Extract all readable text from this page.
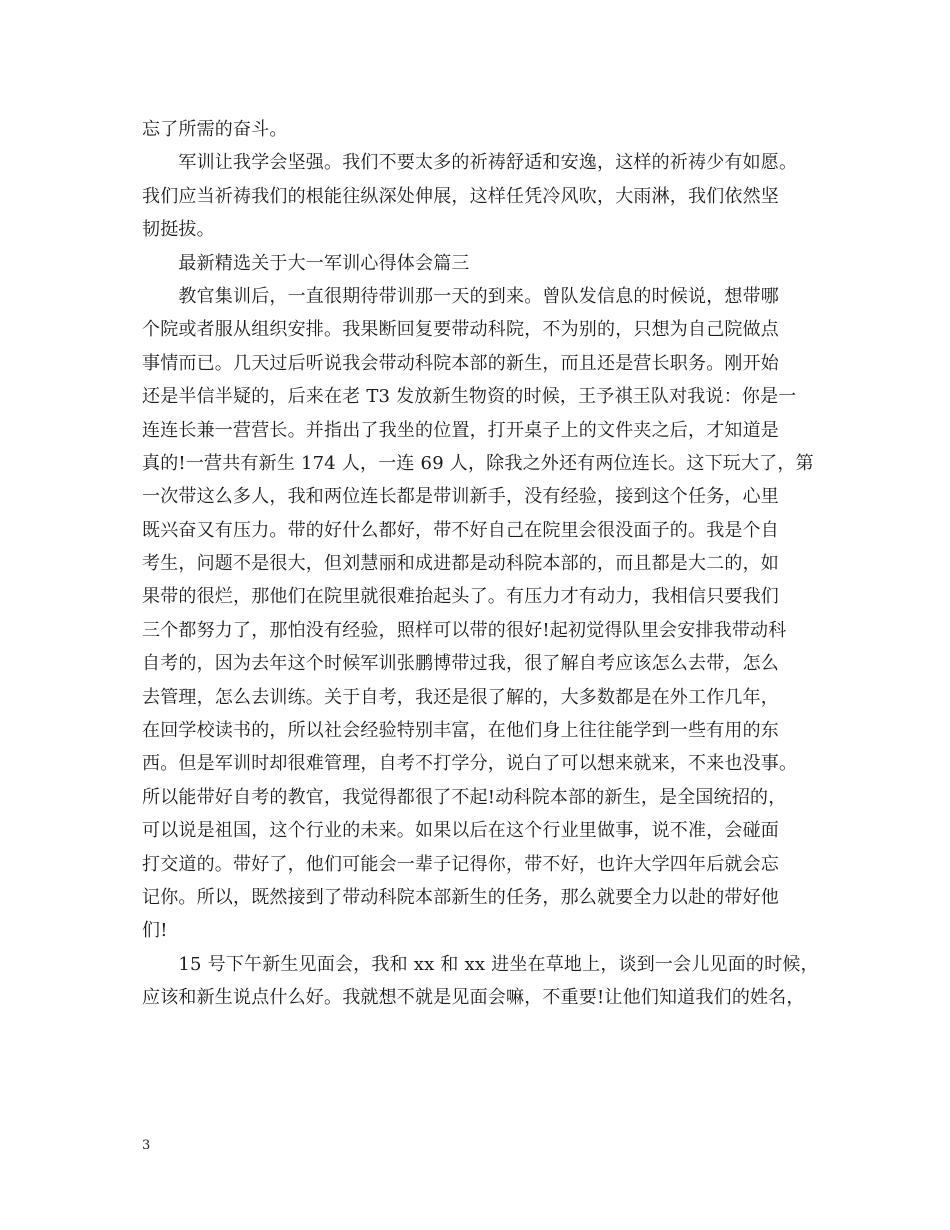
忘了所需的奋斗。
　　军训让我学会坚强。我们不要太多的祈祷舒适和安逸，这样的祈祷少有如愿。
我们应当祈祷我们的根能往纵深处伸展，这样任凭冷风吹，大雨淋，我们依然坚
韧挺拔。
　　最新精选关于大一军训心得体会篇三
　　教官集训后，一直很期待带训那一天的到来。曾队发信息的时候说，想带哪
个院或者服从组织安排。我果断回复要带动科院，不为别的，只想为自己院做点
事情而已。几天过后听说我会带动科院本部的新生，而且还是营长职务。刚开始
还是半信半疑的，后来在老 T3 发放新生物资的时候，王予祺王队对我说：你是一
连连长兼一营营长。并指出了我坐的位置，打开桌子上的文件夹之后，才知道是
真的!一营共有新生 174 人，一连 69 人，除我之外还有两位连长。这下玩大了，第
一次带这么多人，我和两位连长都是带训新手，没有经验，接到这个任务，心里
既兴奋又有压力。带的好什么都好，带不好自己在院里会很没面子的。我是个自
考生，问题不是很大，但刘慧丽和成进都是动科院本部的，而且都是大二的，如
果带的很烂，那他们在院里就很难抬起头了。有压力才有动力，我相信只要我们
三个都努力了，那怕没有经验，照样可以带的很好!起初觉得队里会安排我带动科
自考的，因为去年这个时候军训张鹏博带过我，很了解自考应该怎么去带，怎么
去管理，怎么去训练。关于自考，我还是很了解的，大多数都是在外工作几年，
在回学校读书的，所以社会经验特别丰富，在他们身上往往能学到一些有用的东
西。但是军训时却很难管理，自考不打学分，说白了可以想来就来，不来也没事。
所以能带好自考的教官，我觉得都很了不起!动科院本部的新生，是全国统招的，
可以说是祖国，这个行业的未来。如果以后在这个行业里做事，说不准，会碰面
打交道的。带好了，他们可能会一辈子记得你，带不好，也许大学四年后就会忘
记你。所以，既然接到了带动科院本部新生的任务，那么就要全力以赴的带好他
们!
　　15 号下午新生见面会，我和 xx 和 xx 进坐在草地上，谈到一会儿见面的时候，
应该和新生说点什么好。我就想不就是见面会嘛，不重要!让他们知道我们的姓名，
3
